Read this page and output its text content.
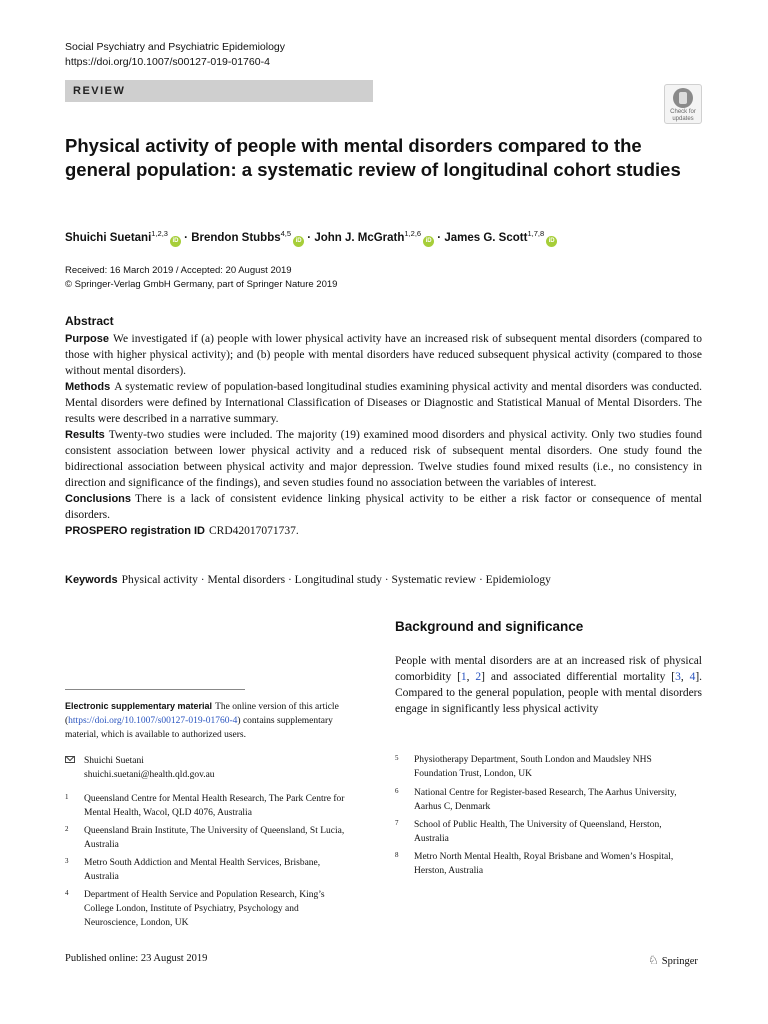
Social Psychiatry and Psychiatric Epidemiology
https://doi.org/10.1007/s00127-019-01760-4
REVIEW
Check for
updates
Physical activity of people with mental disorders compared to the general population: a systematic review of longitudinal cohort studies
Shuichi Suetani$^{1,2,3}$iD · Brendon Stubbs$^{4,5}$iD · John J. McGrath$^{1,2,6}$iD · James G. Scott$^{1,7,8}$iD
Received: 16 March 2019 / Accepted: 20 August 2019
© Springer-Verlag GmbH Germany, part of Springer Nature 2019
Abstract

Purpose We investigated if (a) people with lower physical activity have an increased risk of subsequent mental disorders (compared to those with higher physical activity); and (b) people with mental disorders have reduced subsequent physical activity (compared to those without mental disorders).

Methods A systematic review of population-based longitudinal studies examining physical activity and mental disorders was conducted. Mental disorders were defined by International Classification of Diseases or Diagnostic and Statistical Manual of Mental Disorders. The results were described in a narrative summary.

Results Twenty-two studies were included. The majority (19) examined mood disorders and physical activity. Only two studies found consistent association between lower physical activity and a reduced risk of subsequent mental disorders. One study found the bidirectional association between physical activity and major depression. Twelve studies found mixed results (i.e., no consistency in direction and significance of the findings), and seven studies found no association between the variables of interest.

Conclusions There is a lack of consistent evidence linking physical activity to be either a risk factor or consequence of mental disorders.

PROSPERO registration ID CRD42017071737.

Keywords Physical activity · Mental disorders · Longitudinal study · Systematic review · Epidemiology
Background and significance
People with mental disorders are at an increased risk of physical comorbidity [1, 2] and associated differential mortality [3, 4]. Compared to the general population, people with mental disorders engage in significantly less physical activity
Electronic supplementary material The online version of this article (https://doi.org/10.1007/s00127-019-01760-4) contains supplementary material, which is available to authorized users.
Shuichi Suetani
shuichi.suetani@health.qld.gov.au
1 Queensland Centre for Mental Health Research, The Park Centre for Mental Health, Wacol, QLD 4076, Australia
2 Queensland Brain Institute, The University of Queensland, St Lucia, Australia
3 Metro South Addiction and Mental Health Services, Brisbane, Australia
4 Department of Health Service and Population Research, King’s College London, Institute of Psychiatry, Psychology and Neuroscience, London, UK
5 Physiotherapy Department, South London and Maudsley NHS Foundation Trust, London, UK
6 National Centre for Register-based Research, The Aarhus University, Aarhus C, Denmark
7 School of Public Health, The University of Queensland, Herston, Australia
8 Metro North Mental Health, Royal Brisbane and Women’s Hospital, Herston, Australia
Published online: 23 August 2019	♘ Springer
